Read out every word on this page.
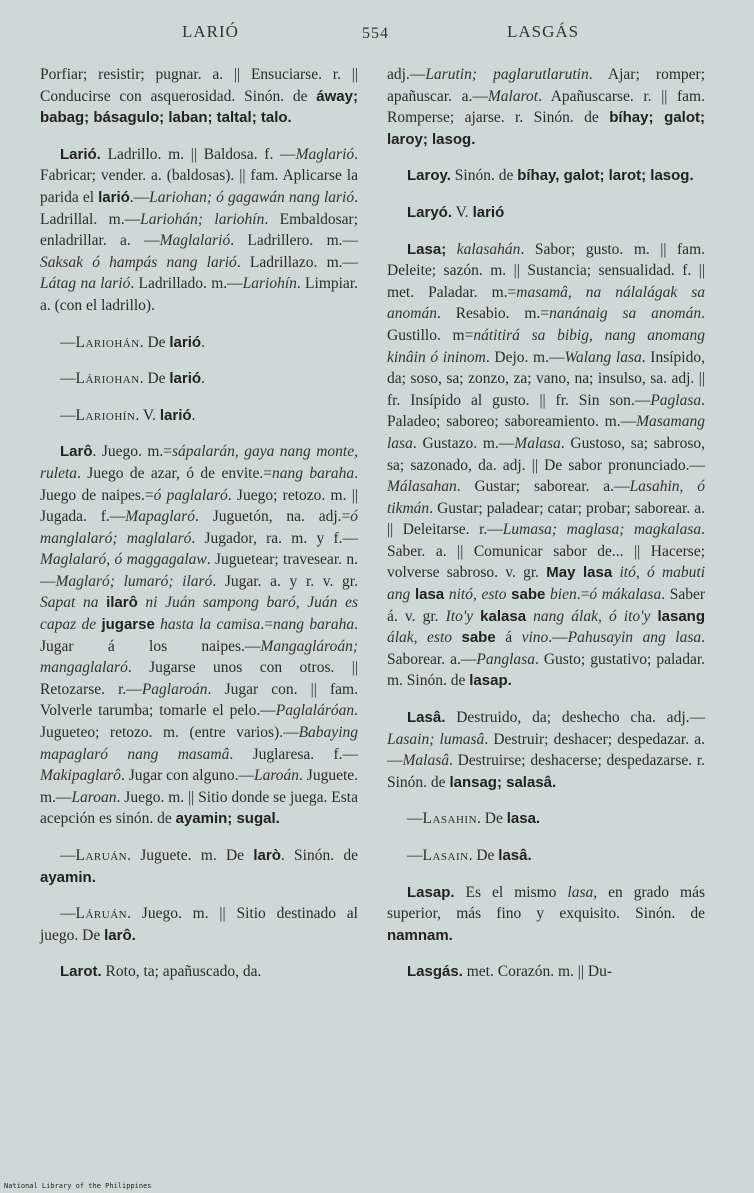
LARIÓ	554	LASGÁS

Porfiar; resistir; pugnar. a. || Ensuciarse. r. || Conducirse con asquerosidad. Sinón. de áway; babag; básagulo; laban; taltal; talo.

Larió. Ladrillo. m. || Baldosa. f. —Maglarió. Fabricar; vender. a. (baldosas). || fam. Aplicarse la parida el larió.—Lariohan; ó gagawán nang larió. Ladrillal. m.—Lariohán; lariohín. Embaldosar; enladrillar. a. —Maglalarió. Ladrillero. m.—Saksak ó hampás nang larió. Ladrillazo. m.—Látag na larió. Ladrillado. m.—Lariohín. Limpiar. a. (con el ladrillo).

—Lariohán. De larió.

—Láriohan. De larió.

—Lariohín. V. larió.

Larô. Juego. m.=sápalarán, gaya nang monte, ruleta. Juego de azar, ó de envite.=nang baraha. Juego de naipes.=ó paglalaró. Juego; retozo. m. || Jugada. f.—Mapaglaró. Juguetón, na. adj.=ó manglalaró; maglalaró. Jugador, ra. m. y f.—Maglalaró, ó maggagalaw. Juguetear; travesear. n.—Maglaró; lumaró; ilaró. Jugar. a. y r. v. gr. Sapat na ilarô ni Juán sampong baró, Juán es capaz de jugarse hasta la camisa.=nang baraha. Jugar á los naipes.—Mangaglároán; mangaglalaró. Jugarse unos con otros. || Retozarse. r.—Paglaroán. Jugar con. || fam. Volverle tarumba; tomarle el pelo.—Paglaláróan. Jugueteo; retozo. m. (entre varios).—Babaying mapaglaró nang masamâ. Juglaresa. f.—Makipaglarô. Jugar con alguno.—Laroán. Juguete. m.—Laroan. Juego. m. || Sitio donde se juega. Esta acepción es sinón. de ayamin; sugal.

—Laruán. Juguete. m. De larò. Sinón. de ayamin.

—Láruán. Juego. m. || Sitio destinado al juego. De larô.

Larot. Roto, ta; apañuscado, da.

adj.—Larutin; paglarutlarutin. Ajar; romper; apañuscar. a.—Malarot. Apañuscarse. r. || fam. Romperse; ajarse. r. Sinón. de bíhay; galot; laroy; lasog.

Laroy. Sinón. de bíhay, galot; larot; lasog.

Laryó. V. larió

Lasa; kalasahán. Sabor; gusto. m. || fam. Deleite; sazón. m. || Sustancia; sensualidad. f. || met. Paladar. m.=masamâ, na nálalágak sa anomán. Resabio. m.=nanánaig sa anomán. Gustillo. m=nátitirá sa bibig, nang anomang kinâin ó ininom. Dejo. m.—Walang lasa. Insípido, da; soso, sa; zonzo, za; vano, na; insulso, sa. adj. || fr. Insípido al gusto. || fr. Sin son.—Paglasa. Paladeo; saboreo; saboreamiento. m.—Masamang lasa. Gustazo. m.—Malasa. Gustoso, sa; sabroso, sa; sazonado, da. adj. || De sabor pronunciado.—Málasahan. Gustar; saborear. a.—Lasahin, ó tikmán. Gustar; paladear; catar; probar; saborear. a. || Deleitarse. r.—Lumasa; maglasa; magkalasa. Saber. a. || Comunicar sabor de... || Hacerse; volverse sabroso. v. gr. May lasa itó, ó mabuti ang lasa nitó, esto sabe bien.=ó mákalasa. Saber á. v. gr. Ito'y kalasa nang álak, ó ito'y lasang álak, esto sabe á vino.—Pahusayin ang lasa. Saborear. a.—Panglasa. Gusto; gustativo; paladar. m. Sinón. de lasap.

Lasâ. Destruido, da; deshecho cha. adj.—Lasain; lumasâ. Destruir; deshacer; despedazar. a.—Malasâ. Destruirse; deshacerse; despedazarse. r. Sinón. de lansag; salasâ.

—Lasahin. De lasa.

—Lasain. De lasâ.

Lasap. Es el mismo lasa, en grado más superior, más fino y exquisito. Sinón. de namnam.

Lasgás. met. Corazón. m. || Du-

National Library of the Philippines
